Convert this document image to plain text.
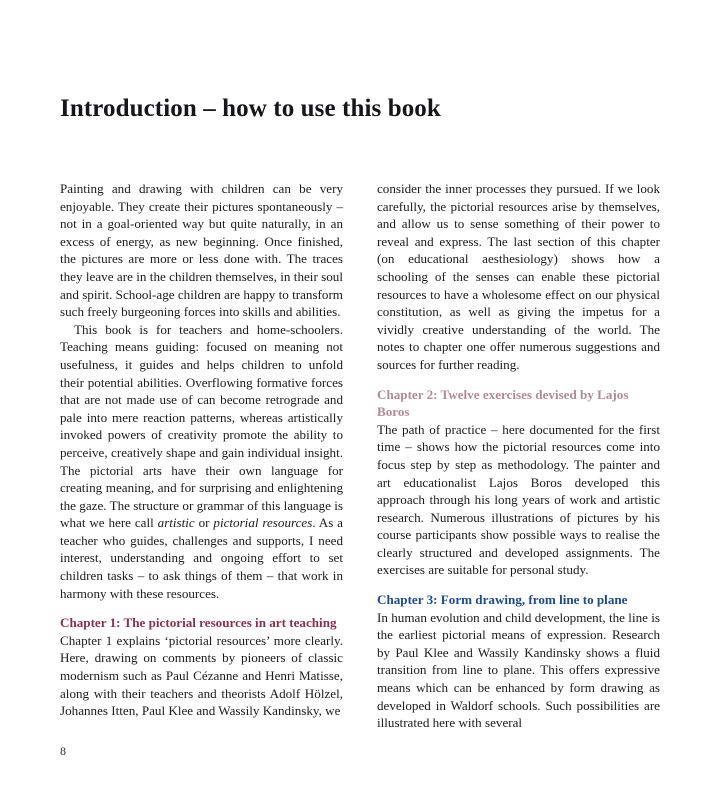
Introduction – how to use this book

Painting and drawing with children can be very enjoyable. They create their pictures spontaneously – not in a goal-oriented way but quite naturally, in an excess of energy, as new beginning. Once finished, the pictures are more or less done with. The traces they leave are in the children themselves, in their soul and spirit. School-age children are happy to transform such freely burgeoning forces into skills and abilities.

This book is for teachers and home-schoolers. Teaching means guiding: focused on meaning not usefulness, it guides and helps children to unfold their potential abilities. Overflowing formative forces that are not made use of can become retrograde and pale into mere reaction patterns, whereas artistically invoked powers of creativity promote the ability to perceive, creatively shape and gain individual insight. The pictorial arts have their own language for creating meaning, and for surprising and enlightening the gaze. The structure or grammar of this language is what we here call artistic or pictorial resources. As a teacher who guides, challenges and supports, I need interest, understanding and ongoing effort to set children tasks – to ask things of them – that work in harmony with these resources.

Chapter 1: The pictorial resources in art teaching

Chapter 1 explains ‘pictorial resources’ more clearly. Here, drawing on comments by pioneers of classic modernism such as Paul Cézanne and Henri Matisse, along with their teachers and theorists Adolf Hölzel, Johannes Itten, Paul Klee and Wassily Kandinsky, we

consider the inner processes they pursued. If we look carefully, the pictorial resources arise by themselves, and allow us to sense something of their power to reveal and express. The last section of this chapter (on educational aesthesiology) shows how a schooling of the senses can enable these pictorial resources to have a wholesome effect on our physical constitution, as well as giving the impetus for a vividly creative understanding of the world. The notes to chapter one offer numerous suggestions and sources for further reading.

Chapter 2: Twelve exercises devised by Lajos Boros

The path of practice – here documented for the first time – shows how the pictorial resources come into focus step by step as methodology. The painter and art educationalist Lajos Boros developed this approach through his long years of work and artistic research. Numerous illustrations of pictures by his course participants show possible ways to realise the clearly structured and developed assignments. The exercises are suitable for personal study.

Chapter 3: Form drawing, from line to plane

In human evolution and child development, the line is the earliest pictorial means of expression. Research by Paul Klee and Wassily Kandinsky shows a fluid transition from line to plane. This offers expressive means which can be enhanced by form drawing as developed in Waldorf schools. Such possibilities are illustrated here with several

8
